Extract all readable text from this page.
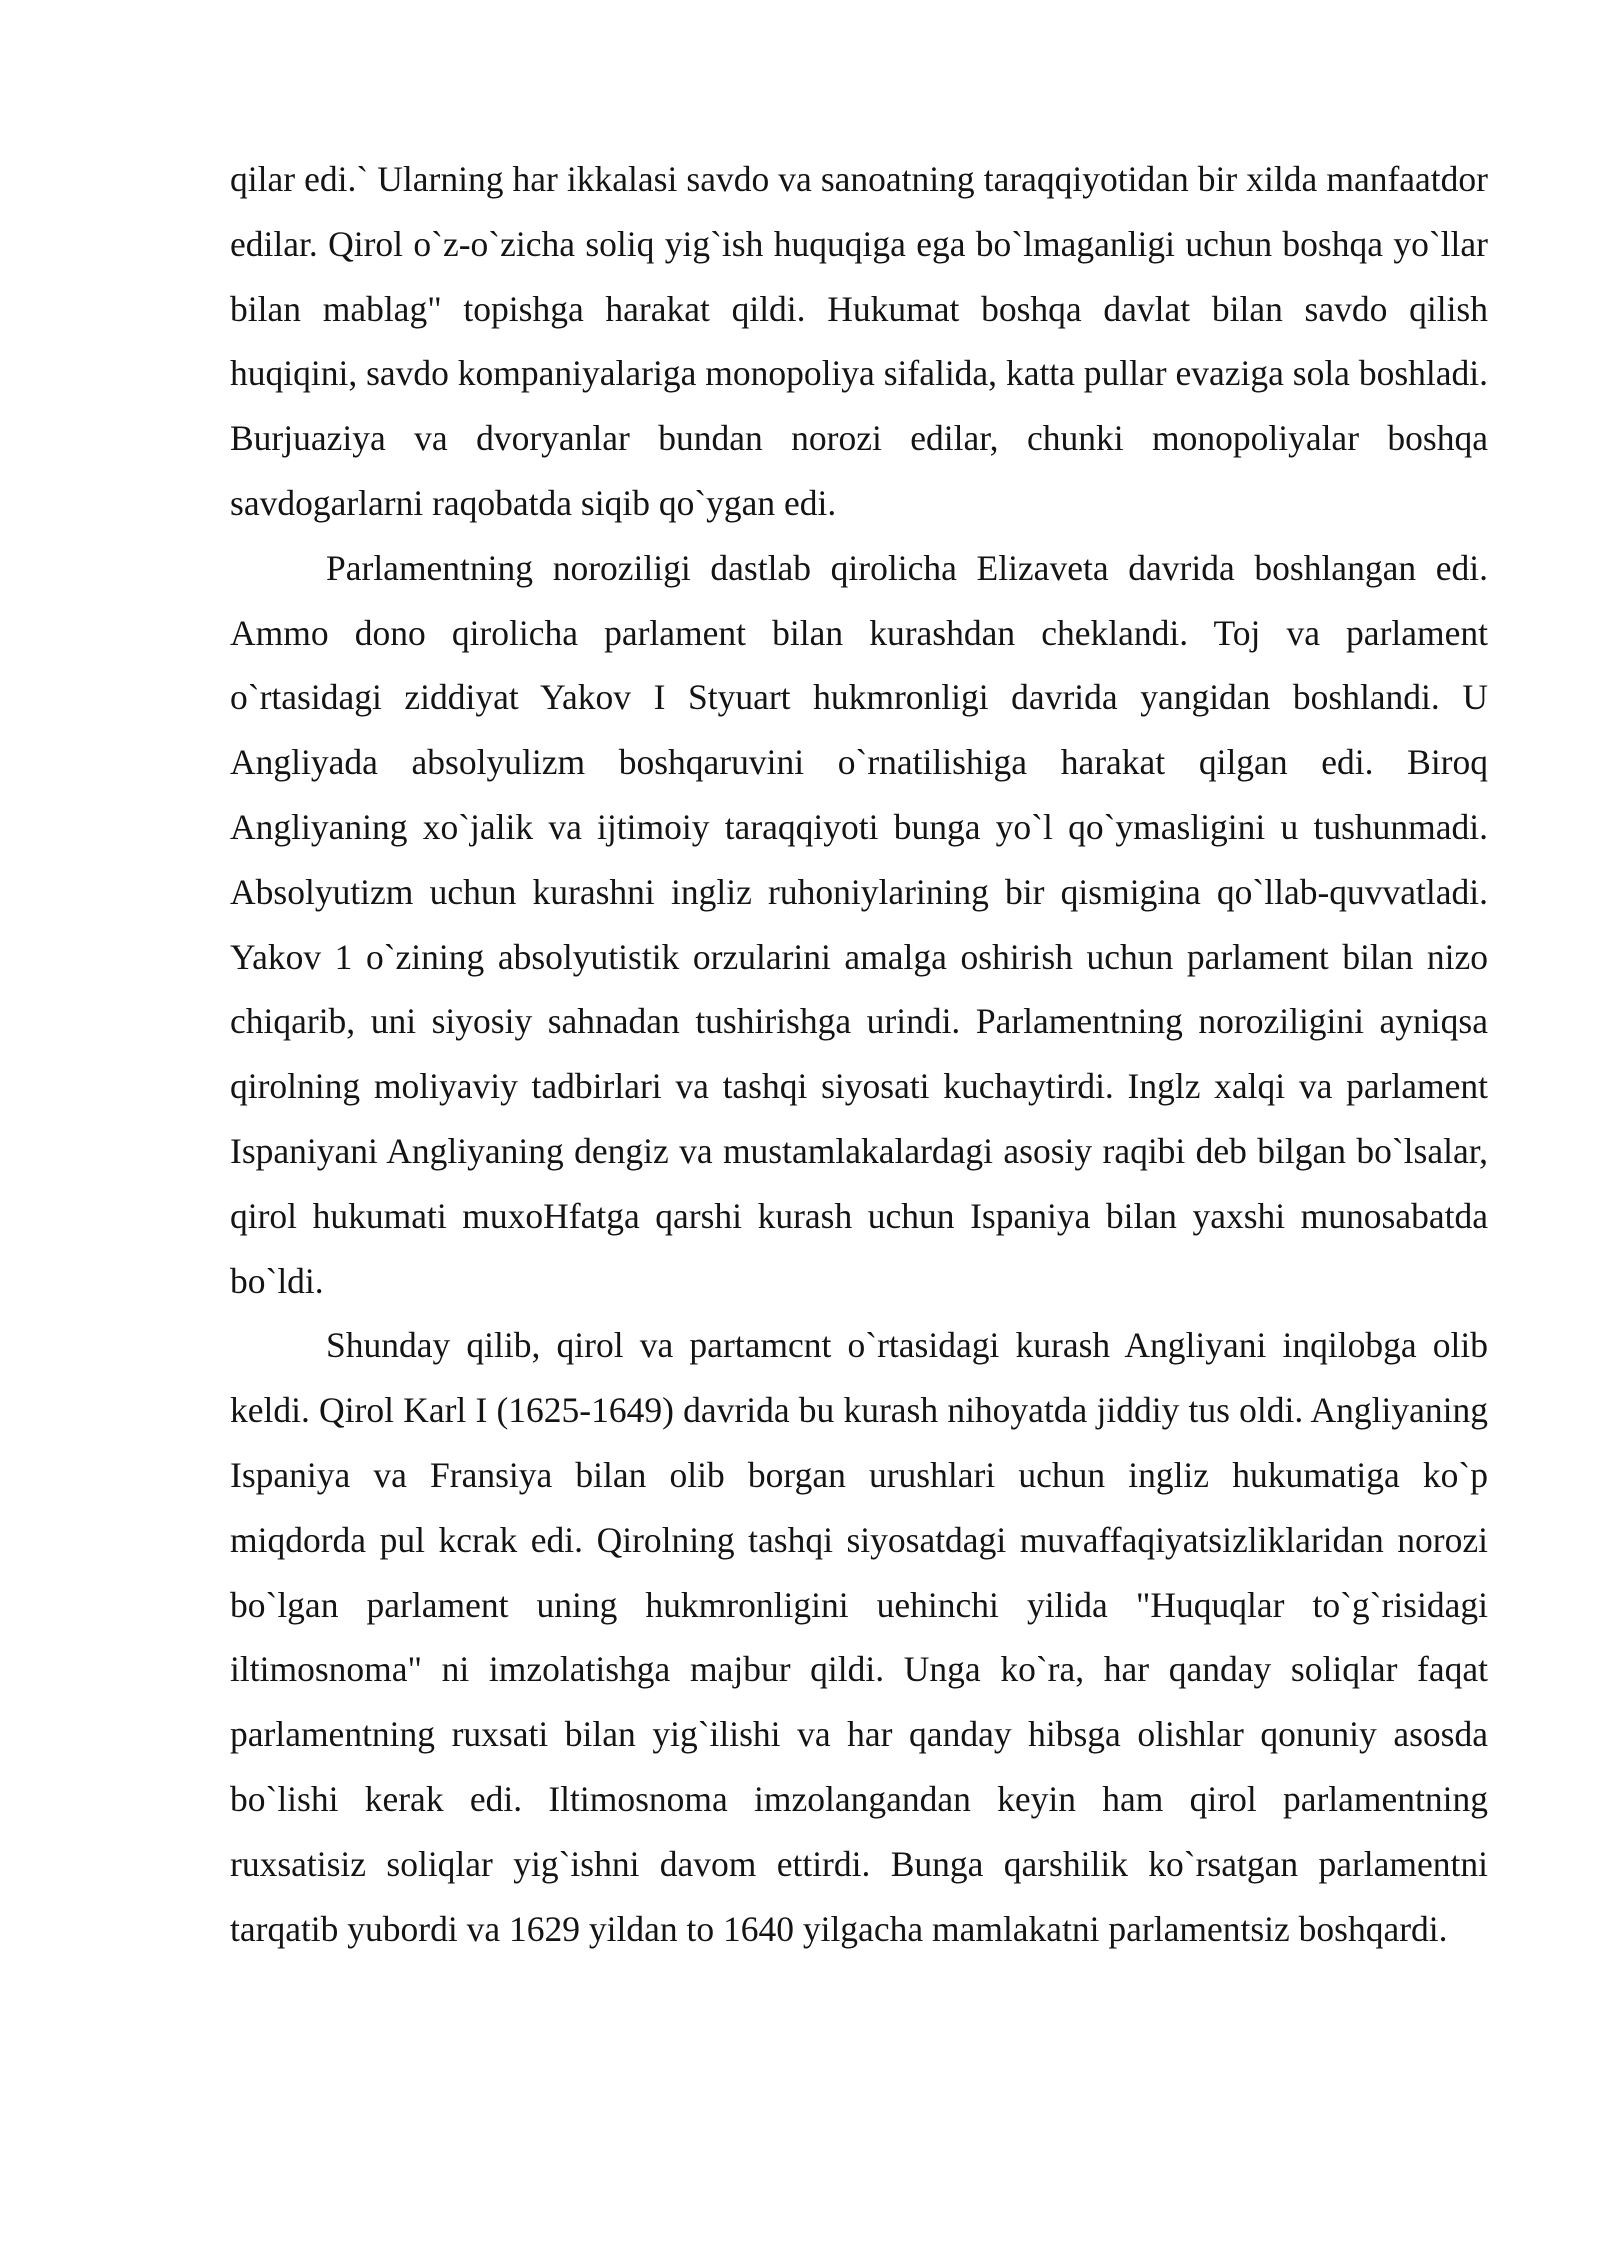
qilar edi.` Ularning har ikkalasi savdo va sanoatning taraqqiyotidan bir xilda manfaatdor edilar. Qirol o`z-o`zicha soliq yig`ish huquqiga ega bo`lmaganligi uchun boshqa yo`llar bilan mablag" topishga harakat qildi. Hukumat boshqa davlat bilan savdo qilish huqiqini, savdo kompaniyalariga monopoliya sifalida, katta pullar evaziga sola boshladi. Burjuaziya va dvoryanlar bundan norozi edilar, chunki monopoliyalar boshqa savdogarlarni raqobatda siqib qo`ygan edi.

Parlamentning noroziligi dastlab qirolicha Elizaveta davrida boshlangan edi. Ammo dono qirolicha parlament bilan kurashdan cheklandi. Toj va parlament o`rtasidagi ziddiyat Yakov I Styuart hukmronligi davrida yangidan boshlandi. U Angliyada absolyulizm boshqaruvini o`rnatilishiga harakat qilgan edi. Biroq Angliyaning xo`jalik va ijtimoiy taraqqiyoti bunga yo`l qo`ymasligini u tushunmadi. Absolyutizm uchun kurashni ingliz ruhoniylarining bir qismigina qo`llab-quvvatladi. Yakov 1 o`zining absolyutistik orzularini amalga oshirish uchun parlament bilan nizo chiqarib, uni siyosiy sahnadan tushirishga urindi. Parlamentning noroziligini ayniqsa qirolning moliyaviy tadbirlari va tashqi siyosati kuchaytirdi. Inglz xalqi va parlament Ispaniyani Angliyaning dengiz va mustamlakalardagi asosiy raqibi deb bilgan bo`lsalar, qirol hukumati muxoHfatga qarshi kurash uchun Ispaniya bilan yaxshi munosabatda bo`ldi.

Shunday qilib, qirol va partamcnt o`rtasidagi kurash Angliyani inqilobga olib keldi. Qirol Karl I (1625-1649) davrida bu kurash nihoyatda jiddiy tus oldi. Angliyaning Ispaniya va Fransiya bilan olib borgan urushlari uchun ingliz hukumatiga ko`p miqdorda pul kcrak edi. Qirolning tashqi siyosatdagi muvaffaqiyatsizliklaridan norozi bo`lgan parlament uning hukmronligini uehinchi yilida "Huquqlar to`g`risidagi iltimosnoma" ni imzolatishga majbur qildi. Unga ko`ra, har qanday soliqlar faqat parlamentning ruxsati bilan yig`ilishi va har qanday hibsga olishlar qonuniy asosda bo`lishi kerak edi. Iltimosnoma imzolangandan keyin ham qirol parlamentning ruxsatisiz soliqlar yig`ishni davom ettirdi. Bunga qarshilik ko`rsatgan parlamentni tarqatib yubordi va 1629 yildan to 1640 yilgacha mamlakatni parlamentsiz boshqardi.
